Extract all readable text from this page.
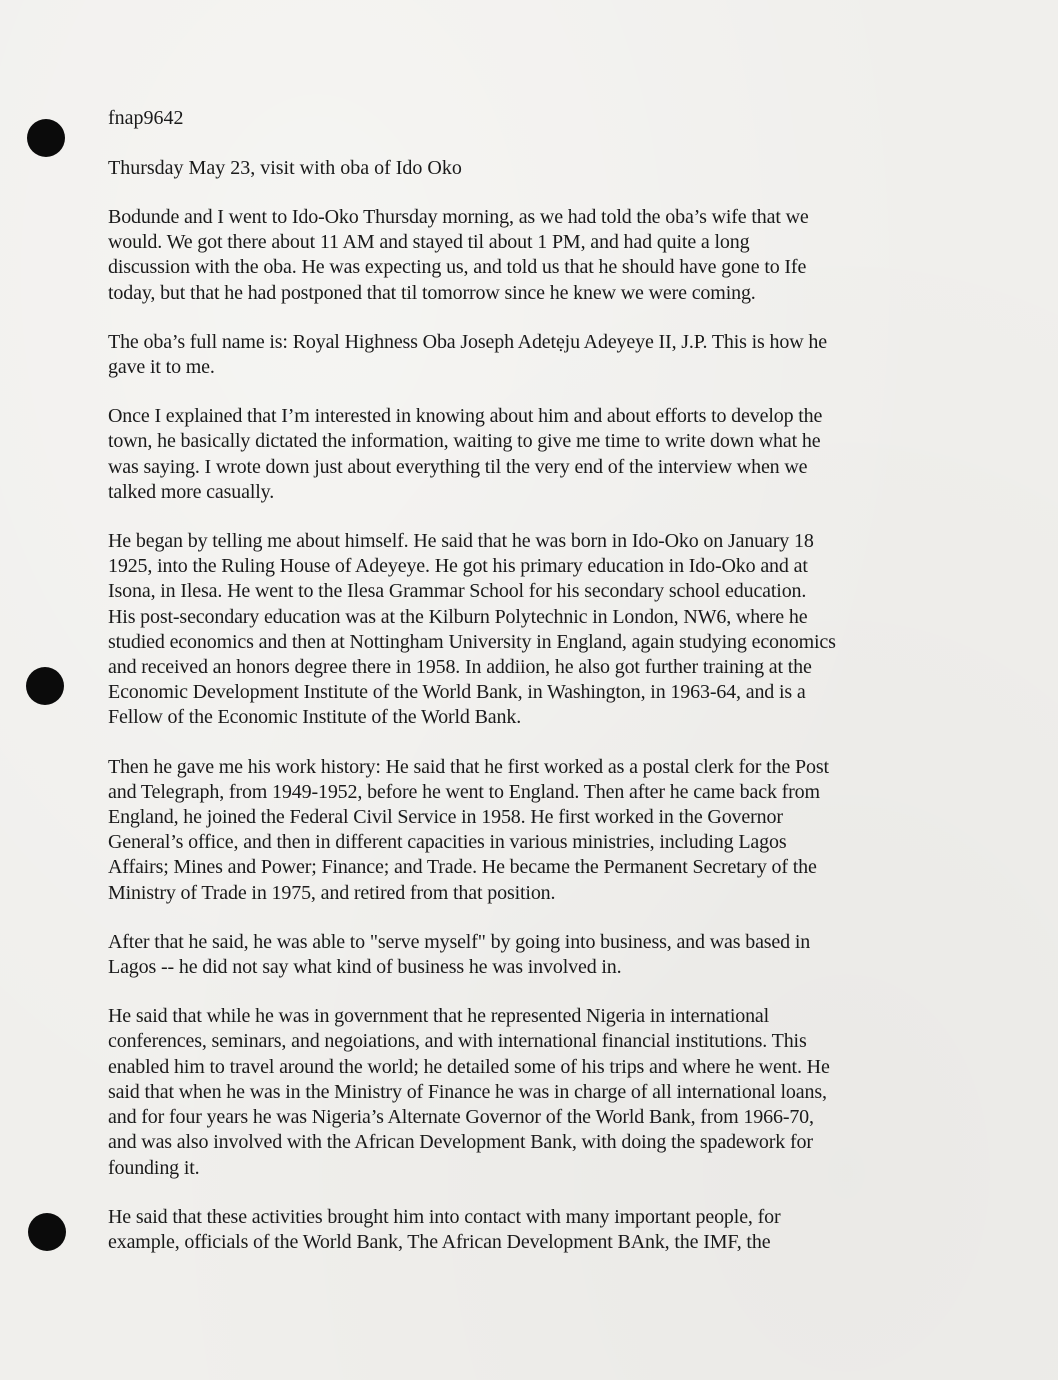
fnap9642
Thursday May 23, visit with oba of Ido Oko
Bodunde and I went to Ido-Oko Thursday morning, as we had told the oba’s wife that we
would. We got there about 11 AM and stayed til about 1 PM, and had quite a long
discussion with the oba. He was expecting us, and told us that he should have gone to Ife
today, but that he had postponed that til tomorrow since he knew we were coming.
The oba’s full name is: Royal Highness Oba Joseph Adetẹju Adeyeye II, J.P. This is how he
gave it to me.
Once I explained that I’m interested in knowing about him and about efforts to develop the
town, he basically dictated the information, waiting to give me time to write down what he
was saying. I wrote down just about everything til the very end of the interview when we
talked more casually.
He began by telling me about himself. He said that he was born in Ido-Oko on January 18
1925, into the Ruling House of Adeyeye. He got his primary education in Ido-Oko and at
Isona, in Ilesa. He went to the Ilesa Grammar School for his secondary school education.
His post-secondary education was at the Kilburn Polytechnic in London, NW6, where he
studied economics and then at Nottingham University in England, again studying economics
and received an honors degree there in 1958. In addiion, he also got further training at the
Economic Development Institute of the World Bank, in Washington, in 1963-64, and is a
Fellow of the Economic Institute of the World Bank.
Then he gave me his work history: He said that he first worked as a postal clerk for the Post
and Telegraph, from 1949-1952, before he went to England. Then after he came back from
England, he joined the Federal Civil Service in 1958. He first worked in the Governor
General’s office, and then in different capacities in various ministries, including Lagos
Affairs; Mines and Power; Finance; and Trade. He became the Permanent Secretary of the
Ministry of Trade in 1975, and retired from that position.
After that he said, he was able to "serve myself" by going into business, and was based in
Lagos -- he did not say what kind of business he was involved in.
He said that while he was in government that he represented Nigeria in international
conferences, seminars, and negoiations, and with international financial institutions. This
enabled him to travel around the world; he detailed some of his trips and where he went. He
said that when he was in the Ministry of Finance he was in charge of all international loans,
and for four years he was Nigeria’s Alternate Governor of the World Bank, from 1966-70,
and was also involved with the African Development Bank, with doing the spadework for
founding it.
He said that these activities brought him into contact with many important people, for
example, officials of the World Bank, The African Development BAnk, the IMF, the
